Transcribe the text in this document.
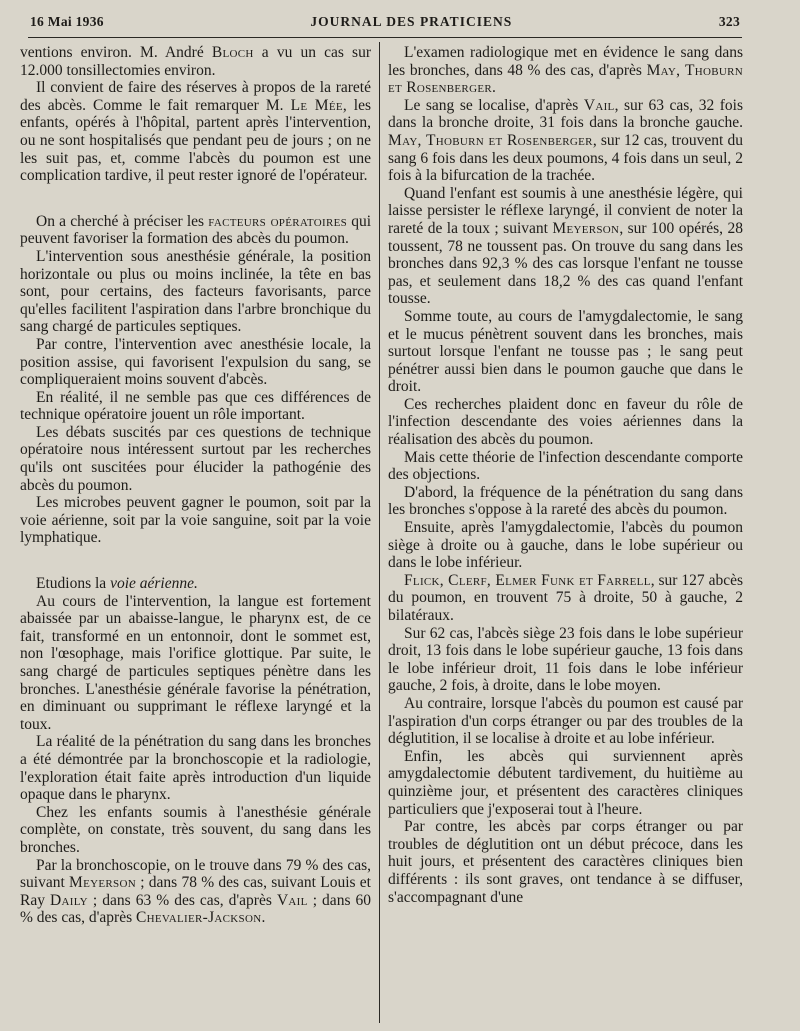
16 Mai 1936	JOURNAL DES PRATICIENS	323

ventions environ. M. André Bloch a vu un cas sur 12.000 tonsillectomies environ.

Il convient de faire des réserves à propos de la rareté des abcès. Comme le fait remarquer M. Le Mée, les enfants, opérés à l'hôpital, partent après l'intervention, ou ne sont hospitalisés que pendant peu de jours ; on ne les suit pas, et, comme l'abcès du poumon est une complication tardive, il peut rester ignoré de l'opérateur.

On a cherché à préciser les facteurs opératoires qui peuvent favoriser la formation des abcès du poumon.

L'intervention sous anesthésie générale, la position horizontale ou plus ou moins inclinée, la tête en bas sont, pour certains, des facteurs favorisants, parce qu'elles facilitent l'aspiration dans l'arbre bronchique du sang chargé de particules septiques.

Par contre, l'intervention avec anesthésie locale, la position assise, qui favorisent l'expulsion du sang, se compliqueraient moins souvent d'abcès.

En réalité, il ne semble pas que ces différences de technique opératoire jouent un rôle important.

Les débats suscités par ces questions de technique opératoire nous intéressent surtout par les recherches qu'ils ont suscitées pour élucider la pathogénie des abcès du poumon.

Les microbes peuvent gagner le poumon, soit par la voie aérienne, soit par la voie sanguine, soit par la voie lymphatique.

Etudions la voie aérienne.

Au cours de l'intervention, la langue est fortement abaissée par un abaisse-langue, le pharynx est, de ce fait, transformé en un entonnoir, dont le sommet est, non l'œsophage, mais l'orifice glottique. Par suite, le sang chargé de particules septiques pénètre dans les bronches. L'anesthésie générale favorise la pénétration, en diminuant ou supprimant le réflexe laryngé et la toux.

La réalité de la pénétration du sang dans les bronches a été démontrée par la bronchoscopie et la radiologie, l'exploration était faite après introduction d'un liquide opaque dans le pharynx.

Chez les enfants soumis à l'anesthésie générale complète, on constate, très souvent, du sang dans les bronches.

Par la bronchoscopie, on le trouve dans 79 % des cas, suivant Meyerson ; dans 78 % des cas, suivant Louis et Ray Daily ; dans 63 % des cas, d'après Vail ; dans 60 % des cas, d'après Chevalier-Jackson.

L'examen radiologique met en évidence le sang dans les bronches, dans 48 % des cas, d'après May, Thoburn et Rosenberger.

Le sang se localise, d'après Vail, sur 63 cas, 32 fois dans la bronche droite, 31 fois dans la bronche gauche. May, Thoburn et Rosenberger, sur 12 cas, trouvent du sang 6 fois dans les deux poumons, 4 fois dans un seul, 2 fois à la bifurcation de la trachée.

Quand l'enfant est soumis à une anesthésie légère, qui laisse persister le réflexe laryngé, il convient de noter la rareté de la toux ; suivant Meyerson, sur 100 opérés, 28 toussent, 78 ne toussent pas. On trouve du sang dans les bronches dans 92,3 % des cas lorsque l'enfant ne tousse pas, et seulement dans 18,2 % des cas quand l'enfant tousse.

Somme toute, au cours de l'amygdalectomie, le sang et le mucus pénètrent souvent dans les bronches, mais surtout lorsque l'enfant ne tousse pas ; le sang peut pénétrer aussi bien dans le poumon gauche que dans le droit.

Ces recherches plaident donc en faveur du rôle de l'infection descendante des voies aériennes dans la réalisation des abcès du poumon.

Mais cette théorie de l'infection descendante comporte des objections.

D'abord, la fréquence de la pénétration du sang dans les bronches s'oppose à la rareté des abcès du poumon.

Ensuite, après l'amygdalectomie, l'abcès du poumon siège à droite ou à gauche, dans le lobe supérieur ou dans le lobe inférieur.

Flick, Clerf, Elmer Funk et Farrell, sur 127 abcès du poumon, en trouvent 75 à droite, 50 à gauche, 2 bilatéraux.

Sur 62 cas, l'abcès siège 23 fois dans le lobe supérieur droit, 13 fois dans le lobe supérieur gauche, 13 fois dans le lobe inférieur droit, 11 fois dans le lobe inférieur gauche, 2 fois, à droite, dans le lobe moyen.

Au contraire, lorsque l'abcès du poumon est causé par l'aspiration d'un corps étranger ou par des troubles de la déglutition, il se localise à droite et au lobe inférieur.

Enfin, les abcès qui surviennent après amygdalectomie débutent tardivement, du huitième au quinzième jour, et présentent des caractères cliniques particuliers que j'exposerai tout à l'heure.

Par contre, les abcès par corps étranger ou par troubles de déglutition ont un début précoce, dans les huit jours, et présentent des caractères cliniques bien différents : ils sont graves, ont tendance à se diffuser, s'accompagnant d'une
